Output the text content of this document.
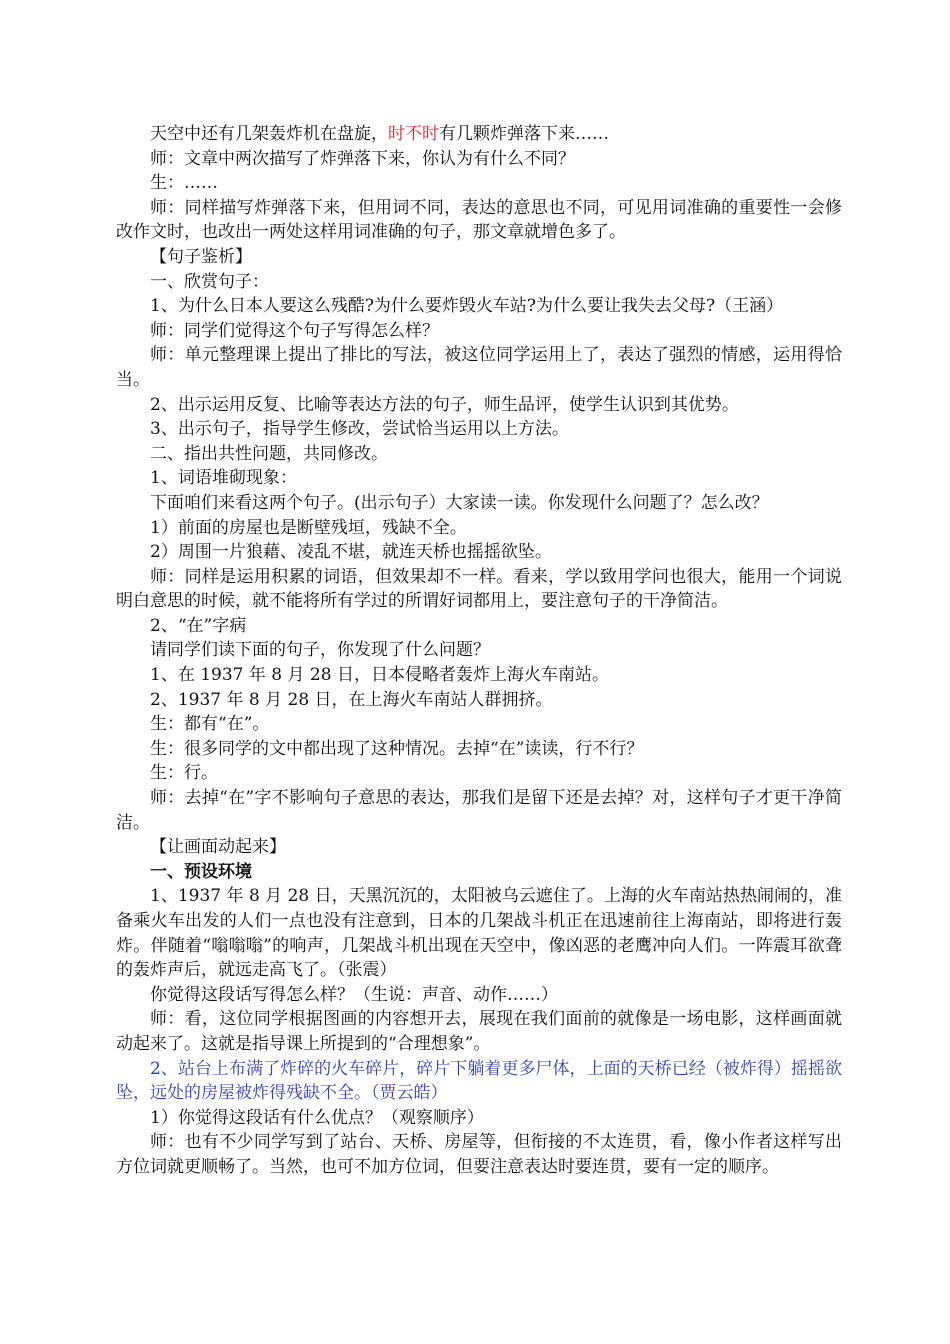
天空中还有几架轰炸机在盘旋，时不时有几颗炸弹落下来……

师：文章中两次描写了炸弹落下来，你认为有什么不同？

生：……

师：同样描写炸弹落下来，但用词不同，表达的意思也不同，可见用词准确的重要性一会修改作文时，也改出一两处这样用词准确的句子，那文章就增色多了。

【句子鉴析】

一、欣赏句子：

1、为什么日本人要这么残酷?为什么要炸毁火车站?为什么要让我失去父母?（王涵）

师：同学们觉得这个句子写得怎么样？

师：单元整理课上提出了排比的写法，被这位同学运用上了，表达了强烈的情感，运用得恰当。

2、出示运用反复、比喻等表达方法的句子，师生品评，使学生认识到其优势。

3、出示句子，指导学生修改，尝试恰当运用以上方法。

二、指出共性问题，共同修改。

1、词语堆砌现象：

下面咱们来看这两个句子。(出示句子）大家读一读。你发现什么问题了？怎么改？

1）前面的房屋也是断壁残垣，残缺不全。

2）周围一片狼藉、凌乱不堪，就连天桥也摇摇欲坠。

师：同样是运用积累的词语，但效果却不一样。看来，学以致用学问也很大，能用一个词说明白意思的时候，就不能将所有学过的所谓好词都用上，要注意句子的干净简洁。

2、“在”字病

请同学们读下面的句子，你发现了什么问题？

1、在 1937 年 8 月 28 日，日本侵略者轰炸上海火车南站。

2、1937 年 8 月 28 日，在上海火车南站人群拥挤。

生：都有“在”。

生：很多同学的文中都出现了这种情况。去掉“在”读读，行不行？

生：行。

师：去掉“在”字不影响句子意思的表达，那我们是留下还是去掉？对，这样句子才更干净简洁。

【让画面动起来】

一、预设环境

1、1937 年 8 月 28 日，天黑沉沉的，太阳被乌云遮住了。上海的火车南站热热闹闹的，准备乘火车出发的人们一点也没有注意到，日本的几架战斗机正在迅速前往上海南站，即将进行轰炸。伴随着“嗡嗡嗡”的响声，几架战斗机出现在天空中，像凶恶的老鹰冲向人们。一阵震耳欲聋的轰炸声后，就远走高飞了。（张震）

你觉得这段话写得怎么样？（生说：声音、动作……）

师：看，这位同学根据图画的内容想开去，展现在我们面前的就像是一场电影，这样画面就动起来了。这就是指导课上所提到的“合理想象”。

2、站台上布满了炸碎的火车碎片，碎片下躺着更多尸体，上面的天桥已经（被炸得）摇摇欲坠，远处的房屋被炸得残缺不全。（贾云皓）

1）你觉得这段话有什么优点？（观察顺序）

师：也有不少同学写到了站台、天桥、房屋等，但衔接的不太连贯，看，像小作者这样写出方位词就更顺畅了。当然，也可不加方位词，但要注意表达时要连贯，要有一定的顺序。
